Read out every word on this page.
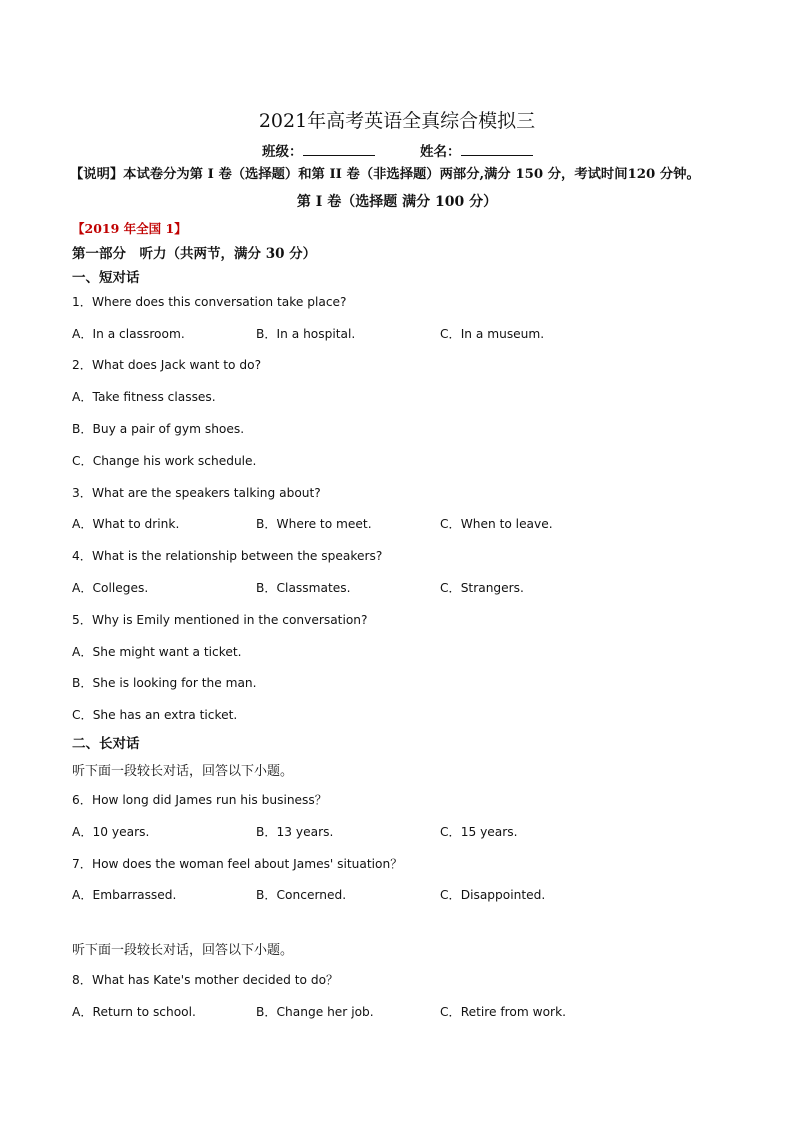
2021年高考英语全真综合模拟三
班级：	姓名：
【说明】本试卷分为第 I 卷（选择题）和第 II 卷（非选择题）两部分,满分 150 分，考试时间120 分钟。
第 I 卷（选择题 满分 100 分）
【2019 年全国 1】
第一部分　听力（共两节，满分 30 分）
一、短对话
1．Where does this conversation take place?
A．In a classroom.	B．In a hospital.	C．In a museum.
2．What does Jack want to do?
A．Take fitness classes.
B．Buy a pair of gym shoes.
C．Change his work schedule.
3．What are the speakers talking about?
A．What to drink.	B．Where to meet.	C．When to leave.
4．What is the relationship between the speakers?
A．Colleges.	B．Classmates.	C．Strangers.
5．Why is Emily mentioned in the conversation?
A．She might want a ticket.
B．She is looking for the man.
C．She has an extra ticket.
二、长对话
听下面一段较长对话，回答以下小题。
6．How long did James run his business？
A．10 years.	B．13 years.	C．15 years.
7．How does the woman feel about James' situation？
A．Embarrassed.	B．Concerned.	C．Disappointed.
听下面一段较长对话，回答以下小题。
8．What has Kate's mother decided to do？
A．Return to school.	B．Change her job.	C．Retire from work.
